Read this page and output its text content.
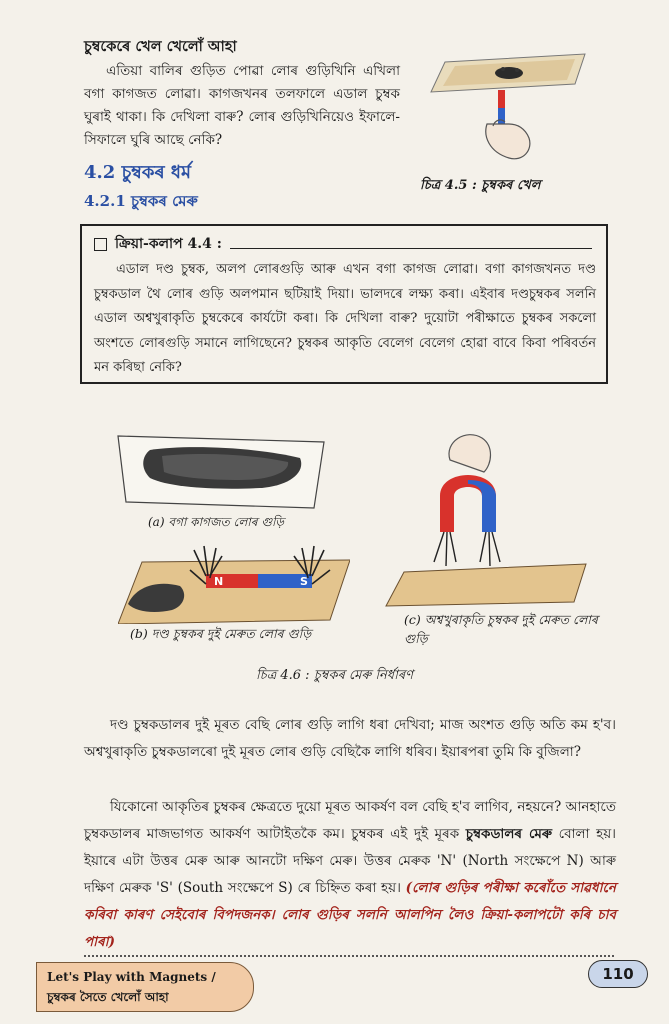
চুম্বকেৰে খেল খেলোঁ আহা
এতিয়া বালিৰ গুড়িত পোৱা লোৰ গুড়িখিনি এখিলা বগা কাগজত লোৱা। কাগজখনৰ তলফালে এডাল চুম্বক ঘুৰাই থাকা। কি দেখিলা বাৰু? লোৰ গুড়িখিনিয়েও ইফালে-সিফালে ঘুৰি আছে নেকি?
চিত্ৰ 4.5 : চুম্বকৰ খেল
4.2 চুম্বকৰ ধৰ্ম
4.2.1 চুম্বকৰ মেৰু
ক্ৰিয়া-কলাপ 4.4 :
এডাল দণ্ড চুম্বক, অলপ লোৰগুড়ি আৰু এখন বগা কাগজ লোৱা। বগা কাগজখনত দণ্ড চুম্বকডাল থৈ লোৰ গুড়ি অলপমান ছটিয়াই দিয়া। ভালদৰে লক্ষ্য কৰা। এইবাৰ দণ্ডচুম্বকৰ সলনি এডাল অশ্বখুৰাকৃতি চুম্বকেৰে কাৰ্যটো কৰা। কি দেখিলা বাৰু? দুয়োটা পৰীক্ষাতে চুম্বকৰ সকলো অংশতে লোৰগুড়ি সমানে লাগিছেনে? চুম্বকৰ আকৃতি বেলেগ বেলেগ হোৱা বাবে কিবা পৰিবৰ্তন মন কৰিছা নেকি?
(a) বগা কাগজত লোৰ গুড়ি
N	S
(b) দণ্ড চুম্বকৰ দুই মেৰুত লোৰ গুড়ি
(c) অশ্বখুৰাকৃতি চুম্বকৰ দুই মেৰুত লোৰ গুড়ি
চিত্ৰ 4.6 : চুম্বকৰ মেৰু নিৰ্ধাৰণ
দণ্ড চুম্বকডালৰ দুই মূৰত বেছি লোৰ গুড়ি লাগি ধৰা দেখিবা; মাজ অংশত গুড়ি অতি কম হ'ব। অশ্বখুৰাকৃতি চুম্বকডালৰো দুই মূৰত লোৰ গুড়ি বেছিকৈ লাগি ধৰিব। ইয়াৰপৰা তুমি কি বুজিলা?
যিকোনো আকৃতিৰ চুম্বকৰ ক্ষেত্ৰতে দুয়ো মূৰত আকৰ্ষণ বল বেছি হ'ব লাগিব, নহয়নে? আনহাতে চুম্বকডালৰ মাজভাগত আকৰ্ষণ আটাইতকৈ কম। চুম্বকৰ এই দুই মূৰক চুম্বকডালৰ মেৰু বোলা হয়। ইয়াৰে এটা উত্তৰ মেৰু আৰু আনটো দক্ষিণ মেৰু। উত্তৰ মেৰুক 'N' (North সংক্ষেপে N) আৰু দক্ষিণ মেৰুক 'S' (South সংক্ষেপে S) ৰে চিহ্নিত কৰা হয়। (লোৰ গুড়িৰ পৰীক্ষা কৰোঁতে সাৱধানে কৰিবা কাৰণ সেইবোৰ বিপদজনক। লোৰ গুড়িৰ সলনি আলপিন লৈও ক্ৰিয়া-কলাপটো কৰি চাব পাৰা)
Let's Play with Magnets /
চুম্বকৰ সৈতে খেলোঁ আহা
110
